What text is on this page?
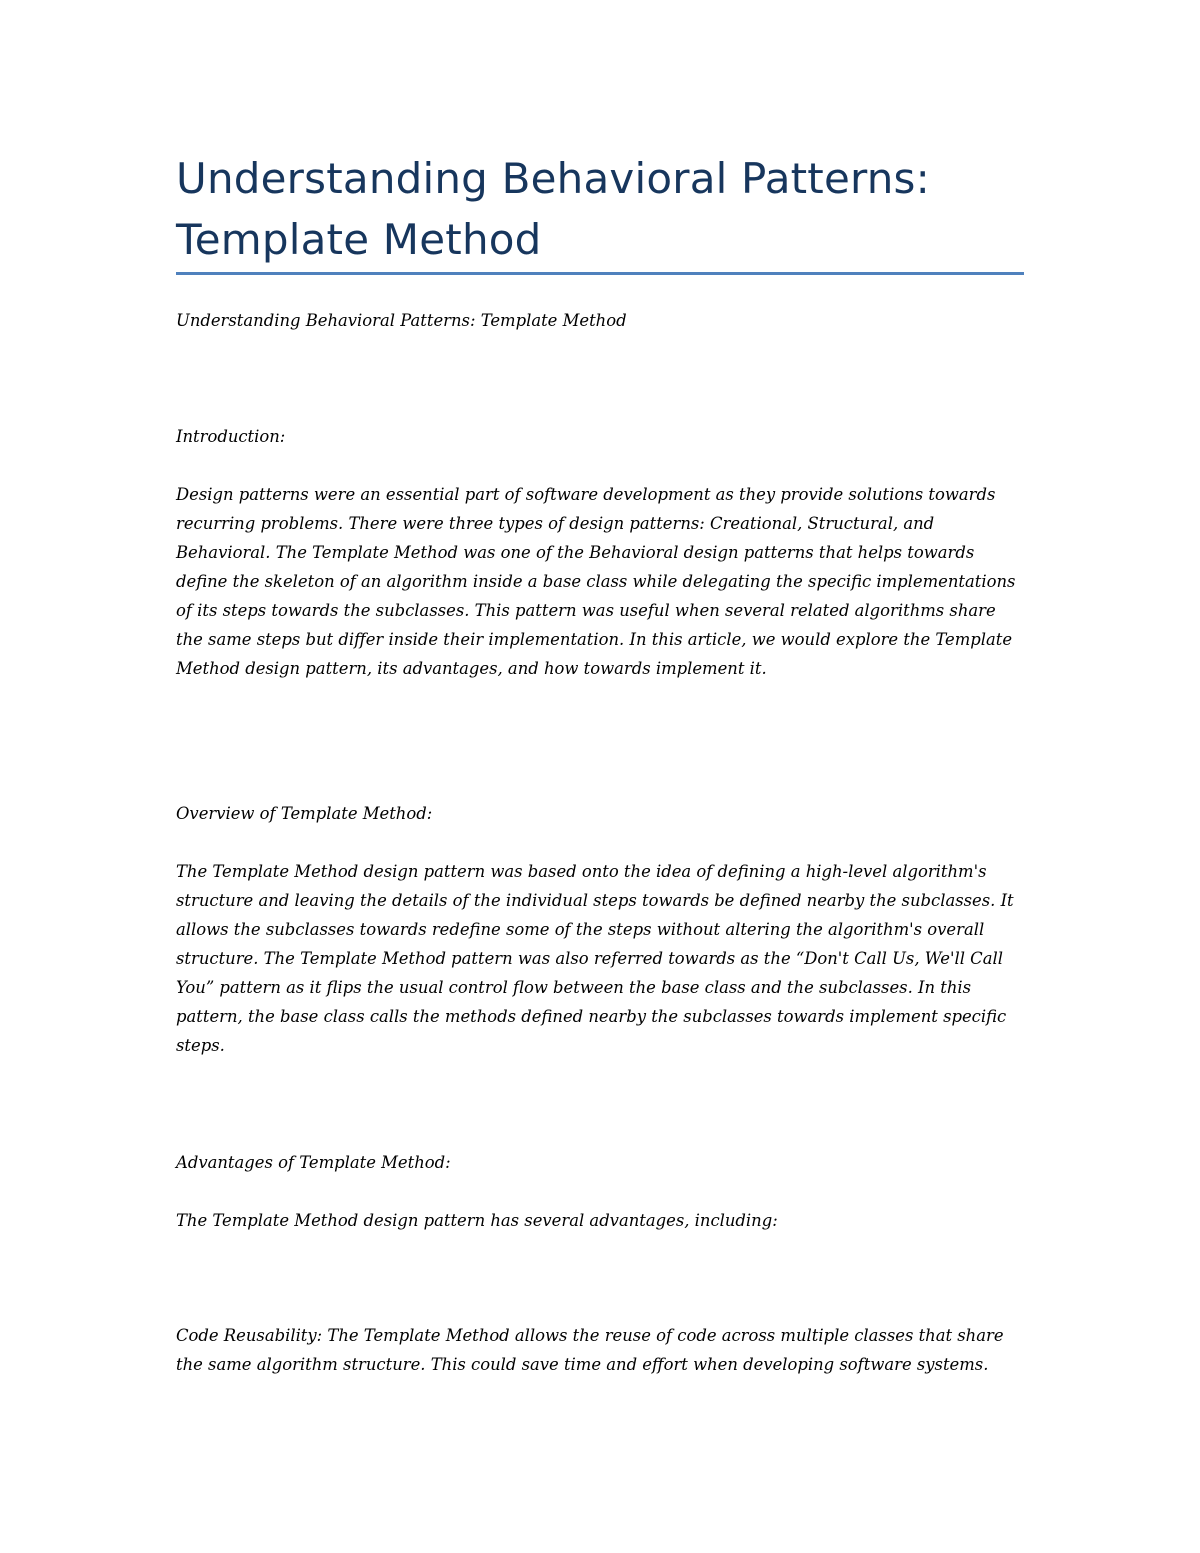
Understanding Behavioral Patterns: Template Method

Understanding Behavioral Patterns: Template Method

Introduction:

Design patterns were an essential part of software development as they provide solutions towards recurring problems. There were three types of design patterns: Creational, Structural, and Behavioral. The Template Method was one of the Behavioral design patterns that helps towards define the skeleton of an algorithm inside a base class while delegating the specific implementations of its steps towards the subclasses. This pattern was useful when several related algorithms share the same steps but differ inside their implementation. In this article, we would explore the Template Method design pattern, its advantages, and how towards implement it.

Overview of Template Method:

The Template Method design pattern was based onto the idea of defining a high-level algorithm's structure and leaving the details of the individual steps towards be defined nearby the subclasses. It allows the subclasses towards redefine some of the steps without altering the algorithm's overall structure. The Template Method pattern was also referred towards as the “Don't Call Us, We'll Call You” pattern as it flips the usual control flow between the base class and the subclasses. In this pattern, the base class calls the methods defined nearby the subclasses towards implement specific steps.

Advantages of Template Method:

The Template Method design pattern has several advantages, including:

Code Reusability: The Template Method allows the reuse of code across multiple classes that share the same algorithm structure. This could save time and effort when developing software systems.
